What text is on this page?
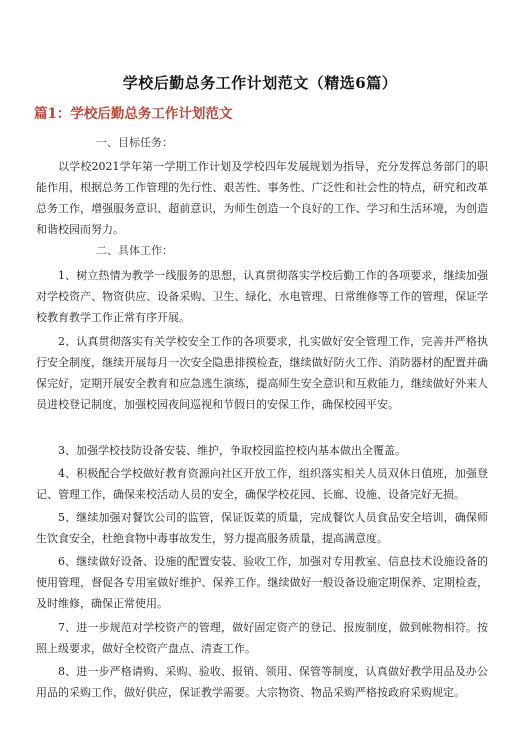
学校后勤总务工作计划范文（精选6篇）
篇1：学校后勤总务工作计划范文
一、目标任务：

以学校2021学年第一学期工作计划及学校四年发展规划为指导，充分发挥总务部门的职能作用，根据总务工作管理的先行性、艰苦性、事务性、广泛性和社会性的特点，研究和改革总务工作，增强服务意识、超前意识，为师生创造一个良好的工作、学习和生活环境，为创造和谐校园而努力。

二、具体工作：

1、树立热情为教学一线服务的思想，认真贯彻落实学校后勤工作的各项要求，继续加强对学校资产、物资供应、设备采购、卫生、绿化、水电管理、日常维修等工作的管理，保证学校教育教学工作正常有序开展。

2、认真贯彻落实有关学校安全工作的各项要求，扎实做好安全管理工作，完善并严格执行安全制度，继续开展每月一次安全隐患排摸检查，继续做好防火工作、消防器材的配置并确保完好，定期开展安全教育和应急逃生演练，提高师生安全意识和互救能力，继续做好外来人员进校登记制度，加强校园夜间巡视和节假日的安保工作，确保校园平安。

3、加强学校技防设备安装、维护，争取校园监控校内基本做出全覆盖。

4、积极配合学校做好教育资源向社区开放工作，组织落实相关人员双休日值班，加强登记、管理工作，确保来校活动人员的安全，确保学校花园、长廊、设施、设备完好无损。

5、继续加强对餐饮公司的监管，保证饭菜的质量，完成餐饮人员食品安全培训，确保师生饮食安全，杜绝食物中毒事故发生，努力提高服务质量，提高满意度。

6、继续做好设备、设施的配置安装、验收工作，加强对专用教室、信息技术设施设备的使用管理，督促各专用室做好维护、保养工作。继续做好一般设备设施定期保养、定期检查，及时维修，确保正常使用。

7、进一步规范对学校资产的管理，做好固定资产的登记、报废制度，做到帐物相符。按照上级要求，做好全校资产盘点、清查工作。

8、进一步严格请购、采购、验收、报销、领用、保管等制度，认真做好教学用品及办公用品的采购工作，做好供应，保证教学需要。大宗物资、物品采购严格按政府采购规定。
